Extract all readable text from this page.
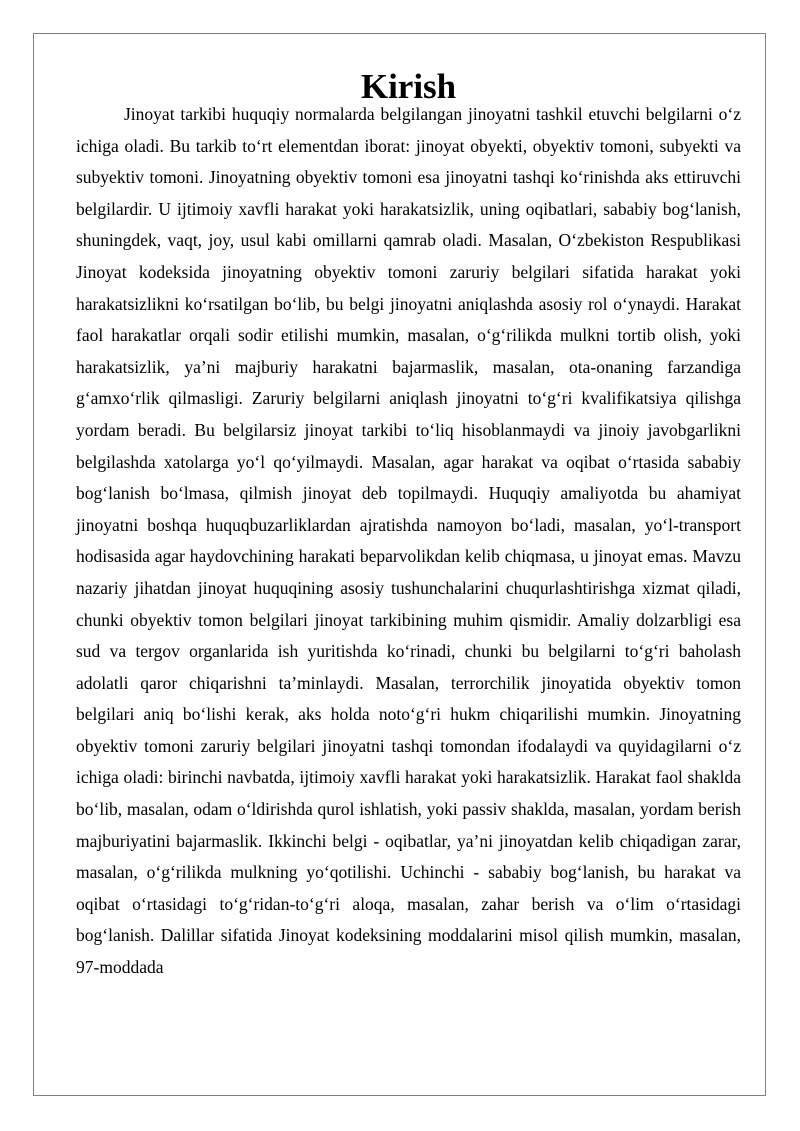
Kirish

Jinoyat tarkibi huquqiy normalarda belgilangan jinoyatni tashkil etuvchi belgilarni o‘z ichiga oladi. Bu tarkib to‘rt elementdan iborat: jinoyat obyekti, obyektiv tomoni, subyekti va subyektiv tomoni. Jinoyatning obyektiv tomoni esa jinoyatni tashqi ko‘rinishda aks ettiruvchi belgilardir. U ijtimoiy xavfli harakat yoki harakatsizlik, uning oqibatlari, sababiy bog‘lanish, shuningdek, vaqt, joy, usul kabi omillarni qamrab oladi. Masalan, O‘zbekiston Respublikasi Jinoyat kodeksida jinoyatning obyektiv tomoni zaruriy belgilari sifatida harakat yoki harakatsizlikni ko‘rsatilgan bo‘lib, bu belgi jinoyatni aniqlashda asosiy rol o‘ynaydi. Harakat faol harakatlar orqali sodir etilishi mumkin, masalan, o‘g‘rilikda mulkni tortib olish, yoki harakatsizlik, ya’ni majburiy harakatni bajarmaslik, masalan, ota-onaning farzandiga g‘amxo‘rlik qilmasligi. Zaruriy belgilarni aniqlash jinoyatni to‘g‘ri kvalifikatsiya qilishga yordam beradi. Bu belgilarsiz jinoyat tarkibi to‘liq hisoblanmaydi va jinoiy javobgarlikni belgilashda xatolarga yo‘l qo‘yilmaydi. Masalan, agar harakat va oqibat o‘rtasida sababiy bog‘lanish bo‘lmasa, qilmish jinoyat deb topilmaydi. Huquqiy amaliyotda bu ahamiyat jinoyatni boshqa huquqbuzarliklardan ajratishda namoyon bo‘ladi, masalan, yo‘l-transport hodisasida agar haydovchining harakati beparvolikdan kelib chiqmasa, u jinoyat emas. Mavzu nazariy jihatdan jinoyat huquqining asosiy tushunchalarini chuqurlashtirishga xizmat qiladi, chunki obyektiv tomon belgilari jinoyat tarkibining muhim qismidir. Amaliy dolzarbligi esa sud va tergov organlarida ish yuritishda ko‘rinadi, chunki bu belgilarni to‘g‘ri baholash adolatli qaror chiqarishni ta’minlaydi. Masalan, terrorchilik jinoyatida obyektiv tomon belgilari aniq bo‘lishi kerak, aks holda noto‘g‘ri hukm chiqarilishi mumkin. Jinoyatning obyektiv tomoni zaruriy belgilari jinoyatni tashqi tomondan ifodalaydi va quyidagilarni o‘z ichiga oladi: birinchi navbatda, ijtimoiy xavfli harakat yoki harakatsizlik. Harakat faol shaklda bo‘lib, masalan, odam o‘ldirishda qurol ishlatish, yoki passiv shaklda, masalan, yordam berish majburiyatini bajarmaslik. Ikkinchi belgi - oqibatlar, ya’ni jinoyatdan kelib chiqadigan zarar, masalan, o‘g‘rilikda mulkning yo‘qotilishi. Uchinchi - sababiy bog‘lanish, bu harakat va oqibat o‘rtasidagi to‘g‘ridan-to‘g‘ri aloqa, masalan, zahar berish va o‘lim o‘rtasidagi bog‘lanish. Dalillar sifatida Jinoyat kodeksining moddalarini misol qilish mumkin, masalan, 97-moddada
